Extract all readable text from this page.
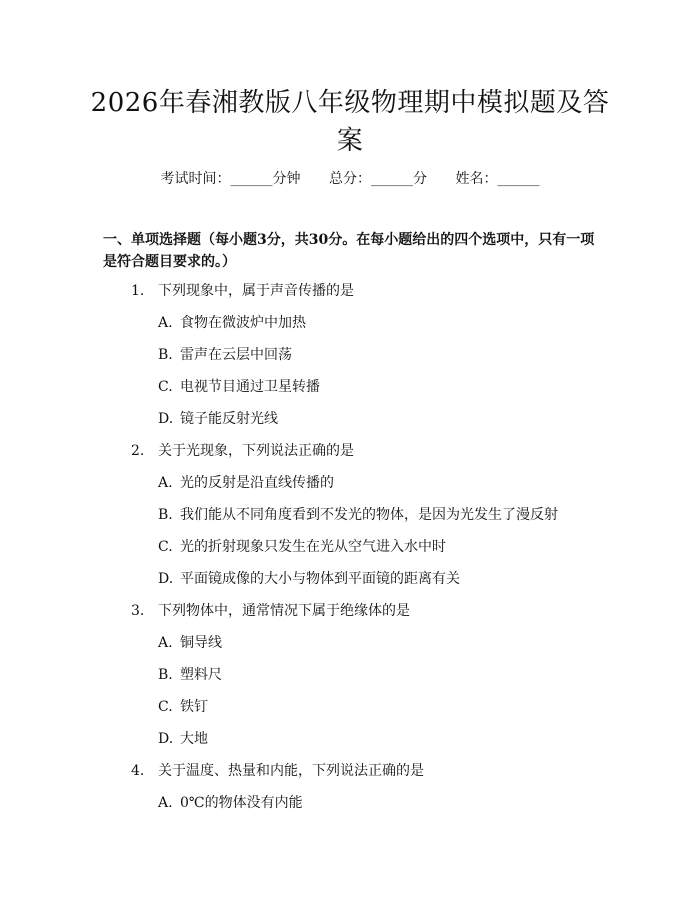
2026年春湘教版八年级物理期中模拟题及答案
考试时间：______分钟 总分：______分 姓名：______

一、单项选择题（每小题3分，共30分。在每小题给出的四个选项中，只有一项是符合题目要求的。）

1. 下列现象中，属于声音传播的是
A. 食物在微波炉中加热
B. 雷声在云层中回荡
C. 电视节目通过卫星转播
D. 镜子能反射光线
2. 关于光现象，下列说法正确的是
A. 光的反射是沿直线传播的
B. 我们能从不同角度看到不发光的物体，是因为光发生了漫反射
C. 光的折射现象只发生在光从空气进入水中时
D. 平面镜成像的大小与物体到平面镜的距离有关
3. 下列物体中，通常情况下属于绝缘体的是
A. 铜导线
B. 塑料尺
C. 铁钉
D. 大地
4. 关于温度、热量和内能，下列说法正确的是
A. 0℃的物体没有内能
